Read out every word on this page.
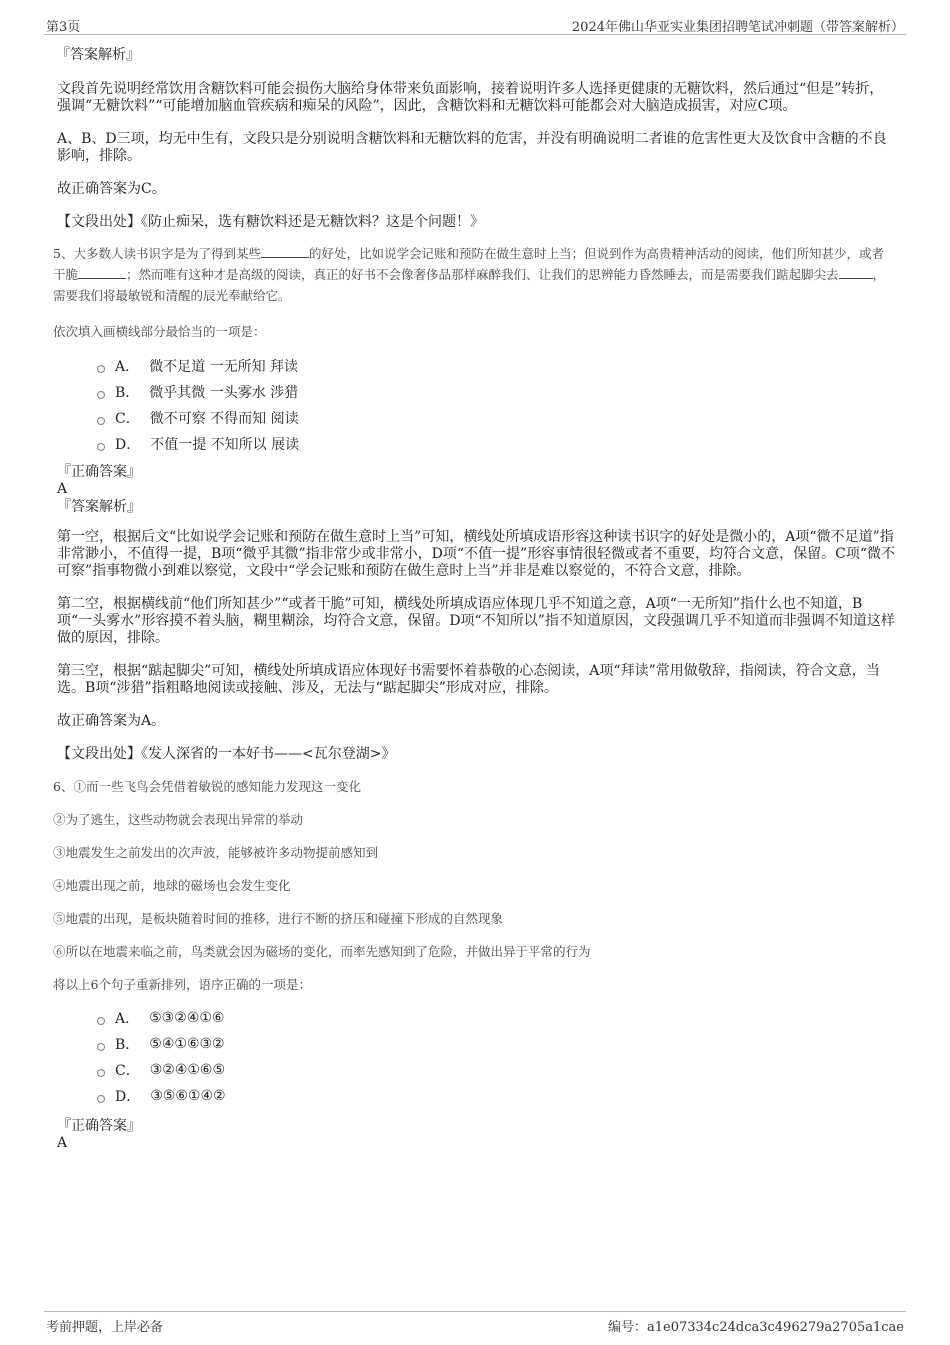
第3页	2024年佛山华亚实业集团招聘笔试冲刺题（带答案解析）

『答案解析』

文段首先说明经常饮用含糖饮料可能会损伤大脑给身体带来负面影响，接着说明许多人选择更健康的无糖饮料，然后通过“但是”转折，强调“无糖饮料”“可能增加脑血管疾病和痴呆的风险”，因此，含糖饮料和无糖饮料可能都会对大脑造成损害，对应C项。

A、B、D三项，均无中生有，文段只是分别说明含糖饮料和无糖饮料的危害，并没有明确说明二者谁的危害性更大及饮食中含糖的不良影响，排除。

故正确答案为C。

【文段出处】《防止痴呆，选有糖饮料还是无糖饮料？这是个问题！》

5、大多数人读书识字是为了得到某些	的好处，比如说学会记账和预防在做生意时上当；但说到作为高贵精神活动的阅读，他们所知甚少，或者干脆	；然而唯有这种才是高级的阅读，真正的好书不会像奢侈品那样麻醉我们、让我们的思辨能力昏然睡去，而是需要我们踮起脚尖去	，需要我们将最敏锐和清醒的辰光奉献给它。

依次填入画横线部分最恰当的一项是：

A． 微不足道 一无所知 拜读
B． 微乎其微 一头雾水 涉猎
C． 微不可察 不得而知 阅读
D． 不值一提 不知所以 展读

『正确答案』

A

『答案解析』

第一空，根据后文“比如说学会记账和预防在做生意时上当”可知，横线处所填成语形容这种读书识字的好处是微小的，A项“微不足道”指非常渺小，不值得一提，B项“微乎其微”指非常少或非常小，D项“不值一提”形容事情很轻微或者不重要，均符合文意，保留。C项“微不可察”指事物微小到难以察觉，文段中“学会记账和预防在做生意时上当”并非是难以察觉的，不符合文意，排除。

第二空，根据横线前“他们所知甚少”“或者干脆”可知，横线处所填成语应体现几乎不知道之意，A项“一无所知”指什么也不知道，B项“一头雾水”形容摸不着头脑，糊里糊涂，均符合文意，保留。D项“不知所以”指不知道原因，文段强调几乎不知道而非强调不知道这样做的原因，排除。

第三空，根据“踮起脚尖”可知，横线处所填成语应体现好书需要怀着恭敬的心态阅读，A项“拜读”常用做敬辞，指阅读，符合文意，当选。B项“涉猎”指粗略地阅读或接触、涉及，无法与“踮起脚尖”形成对应，排除。

故正确答案为A。

【文段出处】《发人深省的一本好书——<瓦尔登湖>》

6、①而一些飞鸟会凭借着敏锐的感知能力发现这一变化

②为了逃生，这些动物就会表现出异常的举动

③地震发生之前发出的次声波，能够被许多动物提前感知到

④地震出现之前，地球的磁场也会发生变化

⑤地震的出现，是板块随着时间的推移，进行不断的挤压和碰撞下形成的自然现象

⑥所以在地震来临之前，鸟类就会因为磁场的变化，而率先感知到了危险，并做出异于平常的行为

将以上6个句子重新排列，语序正确的一项是：

A． ⑤③②④①⑥
B． ⑤④①⑥③②
C． ③②④①⑥⑤
D． ③⑤⑥①④②

『正确答案』

A

考前押题，上岸必备	编号：a1e07334c24dca3c496279a2705a1cae
